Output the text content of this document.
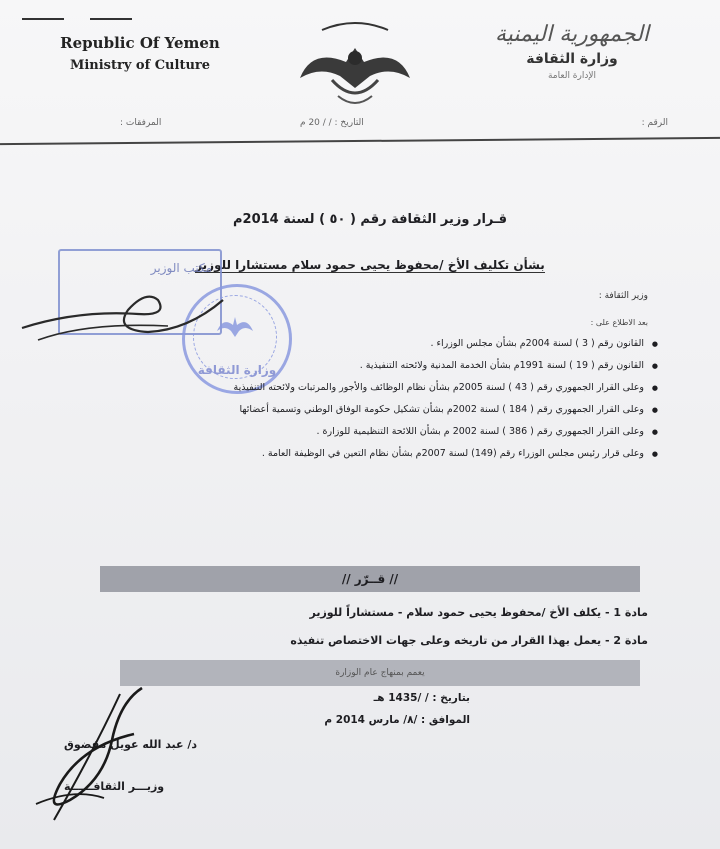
Republic Of Yemen
Ministry of Culture
الجمهورية اليمنية
وزارة الثقافة
الإدارة العامة
الرقم :
التاريخ : / / 20 م
المرفقات :
قـرار وزير الثقافة رقم ( ٥٠ ) لسنة 2014م
بشأن تكليف الأخ /محفوظ يحيى حمود سلام مستشارا للوزير
مكتب الوزير
وزارة الثقافة
وزير الثقافة :
بعد الاطلاع على :
● القانون رقم ( 3 ) لسنة 2004م بشأن مجلس الوزراء .
● القانون رقم ( 19 ) لسنة 1991م بشأن الخدمة المدنية ولائحته التنفيذية .
● وعلى القرار الجمهوري رقم ( 43 ) لسنة 2005م بشأن نظام الوظائف والأجور والمرتبات ولائحته التنفيذية
● وعلى القرار الجمهوري رقم ( 184 ) لسنة 2002م بشأن تشكيل حكومة الوفاق الوطني وتسمية أعضائها
● وعلى القرار الجمهوري رقم ( 386 ) لسنة 2002 م بشأن اللائحة التنظيمية للوزارة .
● وعلى قرار رئيس مجلس الوزراء رقم (149) لسنة 2007م بشأن نظام التعين في الوظيفة العامة .
// قــرّر //
مادة 1 - يكلف الأخ /محفوظ يحيى حمود سلام - مستشاراً للوزير
مادة 2 - يعمل بهذا القرار من تاريخه وعلى جهات الاختصاص تنفيذه
يعمم بمنهاج عام الوزارة
بتاريخ : / /1435 هـ
الموافق : /٨/ مارس 2014 م
د/ عبد الله عويل مفضوق
وزيـــر الثقافــــــة
